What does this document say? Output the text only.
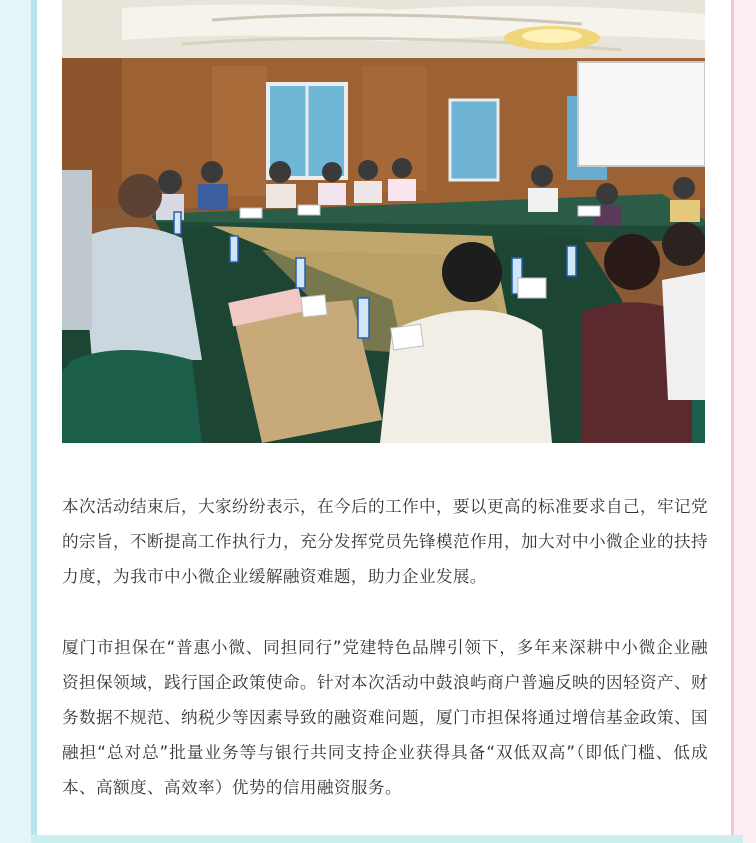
本次活动结束后，大家纷纷表示，在今后的工作中，要以更高的标准要求自己，牢记党的宗旨，不断提高工作执行力，充分发挥党员先锋模范作用，加大对中小微企业的扶持力度，为我市中小微企业缓解融资难题，助力企业发展。

厦门市担保在“普惠小微、同担同行”党建特色品牌引领下，多年来深耕中小微企业融资担保领域，践行国企政策使命。针对本次活动中鼓浪屿商户普遍反映的因轻资产、财务数据不规范、纳税少等因素导致的融资难问题，厦门市担保将通过增信基金政策、国融担“总对总”批量业务等与银行共同支持企业获得具备“双低双高”（即低门槛、低成本、高额度、高效率）优势的信用融资服务。
